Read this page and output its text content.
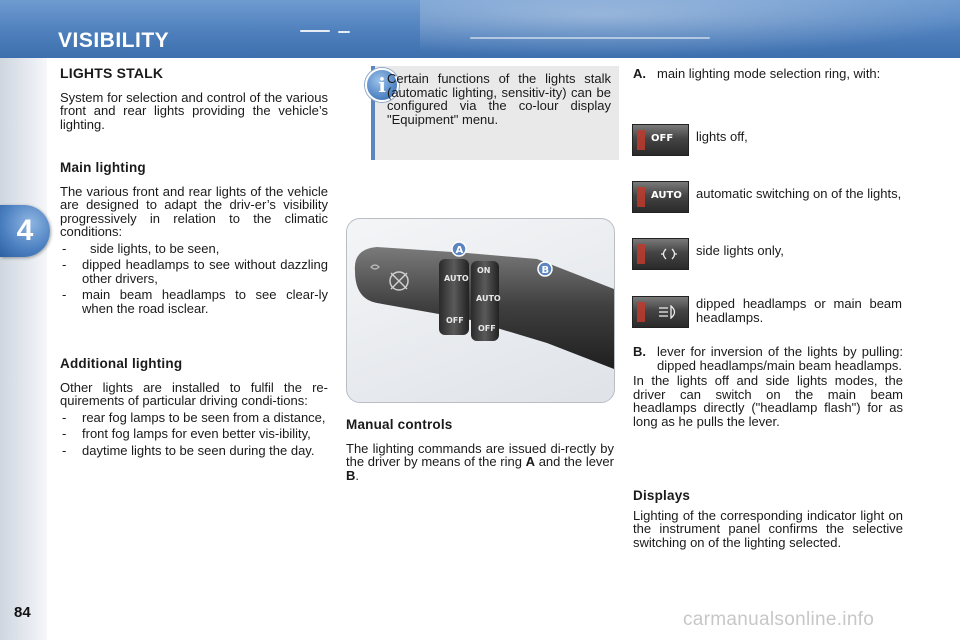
VISIBILITY
4
84
LIGHTS STALK

System for selection and control of the various front and rear lights providing the vehicle’s lighting.

Main lighting

The various front and rear lights of the vehicle are designed to adapt the driv-er’s visibility progressively in relation to the climatic conditions:

- side lights, to be seen,
- dipped headlamps to see without dazzling other drivers,
- main beam headlamps to see clear-ly when the road isclear.
Additional lighting

Other lights are installed to fulfil the re-quirements of particular driving condi-tions:

- rear fog lamps to be seen from a distance,
- front fog lamps for even better vis-ibility,
- daytime lights to be seen during the day.
i Certain functions of the lights stalk (automatic lighting, sensitiv-ity) can be configured via the co-lour display "Equipment" menu.
AUTO
OFF
ON
AUTO
OFF
A
B
Manual controls

The lighting commands are issued di-rectly by the driver by means of the ring A and the lever B.

A. main lighting mode selection ring, with:
OFF lights off,
AUTO automatic switching on of the lights,
side lights only,
dipped headlamps or main beam headlamps.
B. lever for inversion of the lights by pulling: dipped headlamps/main beam headlamps.

In the lights off and side lights modes, the driver can switch on the main beam headlamps directly ("headlamp flash") for as long as he pulls the lever.

Displays

Lighting of the corresponding indicator light on the instrument panel confirms the selective switching on of the lighting selected.

carmanualsonline.info
